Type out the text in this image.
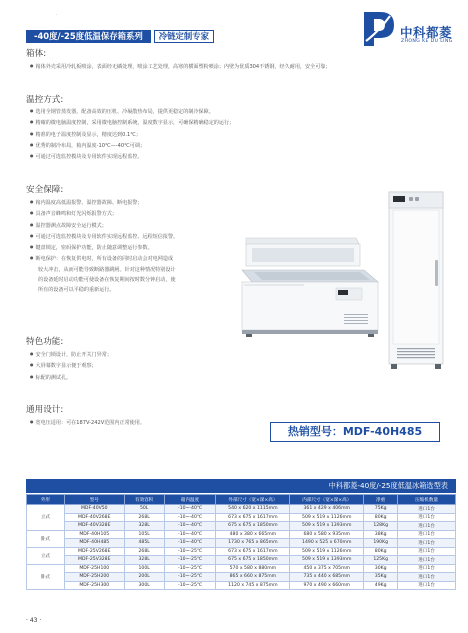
·
-40度/-25度低温保存箱系列	冷链定制专家	中科都菱
ZHONG KE DU LING
箱体:
● 箱体外壳采用冷轧板喷涂，表面经无磷处理，喷涂工艺处理，高寒的横面塑粉喷涂；内壁为优质304不锈钢，经久耐用，安全可靠；
温控方式:
● 选用全钢管蒸发器，配备高效的压机、冷凝散热布局，提供更稳定的制冷保障。
● 精確的微电脑温度控制，采用微电脑控制系统，温度数字显示，可确保精确稳定的运行；
● 精准的电子温度控制及显示，精度达到0.1℃；
● 优秀的制冷布局，箱内温度-10℃—-40℃可调；
● 可通过可选监控模块及专用软件实现远程监控。
安全保障:
● 箱内温度高低温报警、温控器故障、断电报警；
● 具备声音蜂鸣和灯光闪烁报警方式；
● 温控器测点故障安全运行模式；
● 可通过可选监控模块及专用软件实现远程监控、远程短信报警。
● 键盘锁定，密码保护功能，防止随意调整运行参数。
● 断电保护：在恢复供电时，所有设备的同时启动会对电网造成
较大冲击，从而可能导致断路器跳闸。针对这种情况特别设计
的设备延时启动功能可使设备在恢复期间按时数分钟启动，使
所有的设备可以平稳的重新运行。
特色功能:
● 安全门锁设计，防止开关门异常；
● 大屏幕数字显示便于观察；
● 标配的测试孔。
通用设计:
● 宽电压适用：可在187V-242V范围内正常使用。
热销型号：MDF-40H485
中科都菱-40度/-25度低温冰箱选型表
外形	型号	有效容积	箱内温度	外部尺寸（宽×深×高）	内部尺寸（宽×深×高）	净重	压缩机数量
立式	MDF-40V50	50L	-10~-40℃	540 x 620 x 1115mm	361 x 429 x 406mm	75Kg	进口1台
	MDF-40V268E	268L	-10~-40℃	673 x 675 x 1617mm	509 x 519 x 1126mm	80Kg	进口1台
	MDF-40V328E	328L	-10~-40℃	675 x 675 x 1850mm	509 x 519 x 1393mm	128Kg	进口1台
卧式	MDF-40H105	105L	-10~-40℃	480 x 380 x 665mm	680 x 580 x 935mm	38Kg	进口1台
	MDF-40H485	485L	-10~-40℃	1730 x 765 x 865mm	1490 x 525 x 670mm	190Kg	进口1台
立式	MDF-25V268E	268L	-10~-25℃	673 x 675 x 1617mm	509 x 519 x 1126mm	80Kg	进口1台
	MDF-25V328E	328L	-10~-25℃	675 x 675 x 1850mm	509 x 519 x 1393mm	125Kg	进口1台
卧式	MDF-25H100	100L	-10~-25℃	570 x 580 x 880mm	450 x 375 x 705mm	30Kg	进口1台
	MDF-25H200	200L	-10~-25℃	865 x 660 x 875mm	735 x 440 x 685mm	35Kg	进口1台
	MDF-25H300	300L	-10~-25℃	1120 x 745 x 875mm	970 x 490 x 660mm	49Kg	进口1台
· 43 ·
